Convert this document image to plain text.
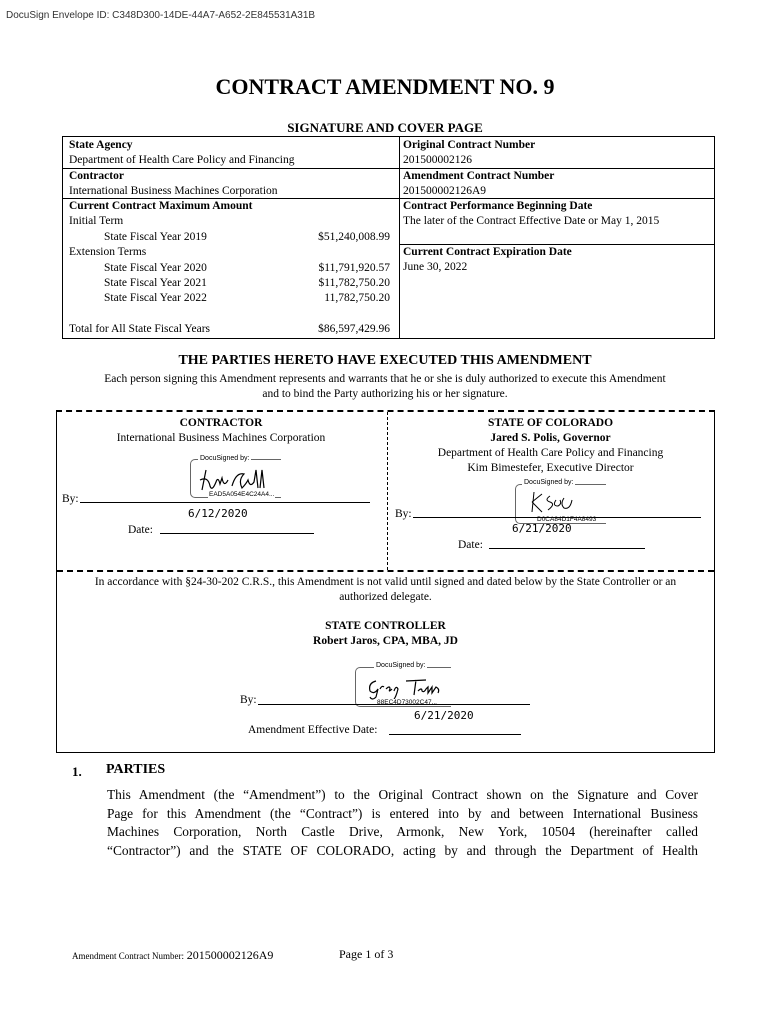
DocuSign Envelope ID: C348D300-14DE-44A7-A652-2E845531A31B
CONTRACT AMENDMENT NO. 9
SIGNATURE AND COVER PAGE
State Agency
Department of Health Care Policy and Financing
Contractor
International Business Machines Corporation
Current Contract Maximum Amount
Initial Term
State Fiscal Year 2019	$51,240,008.99
Extension Terms
State Fiscal Year 2020	$11,791,920.57
State Fiscal Year 2021	$11,782,750.20
State Fiscal Year 2022	11,782,750.20
Total for All State Fiscal Years	$86,597,429.96
Original Contract Number
201500002126
Amendment Contract Number
201500002126A9
Contract Performance Beginning Date
The later of the Contract Effective Date or May 1, 2015
Current Contract Expiration Date
June 30, 2022
THE PARTIES HERETO HAVE EXECUTED THIS AMENDMENT
Each person signing this Amendment represents and warrants that he or she is duly authorized to execute this Amendment
and to bind the Party authorizing his or her signature.
CONTRACTOR
International Business Machines Corporation
DocuSigned by:
EAD5A054E4C24A4...
By:
6/12/2020
Date:
STATE OF COLORADO
Jared S. Polis, Governor
Department of Health Care Policy and Financing
Kim Bimestefer, Executive Director
DocuSigned by:
D0CA84D1F4A8493
By:
6/21/2020
Date:
In accordance with §24-30-202 C.R.S., this Amendment is not valid until signed and dated below by the State Controller or an
authorized delegate.
STATE CONTROLLER
Robert Jaros, CPA, MBA, JD
DocuSigned by:
88EC4D73002C47...
By:
6/21/2020
Amendment Effective Date:
1. PARTIES
This Amendment (the “Amendment”) to the Original Contract shown on the Signature and Cover
Page for this Amendment (the “Contract”) is entered into by and between International Business
Machines Corporation, North Castle Drive, Armonk, New York, 10504 (hereinafter called
“Contractor”) and the STATE OF COLORADO, acting by and through the Department of Health
Amendment Contract Number: 201500002126A9	Page 1 of 3
